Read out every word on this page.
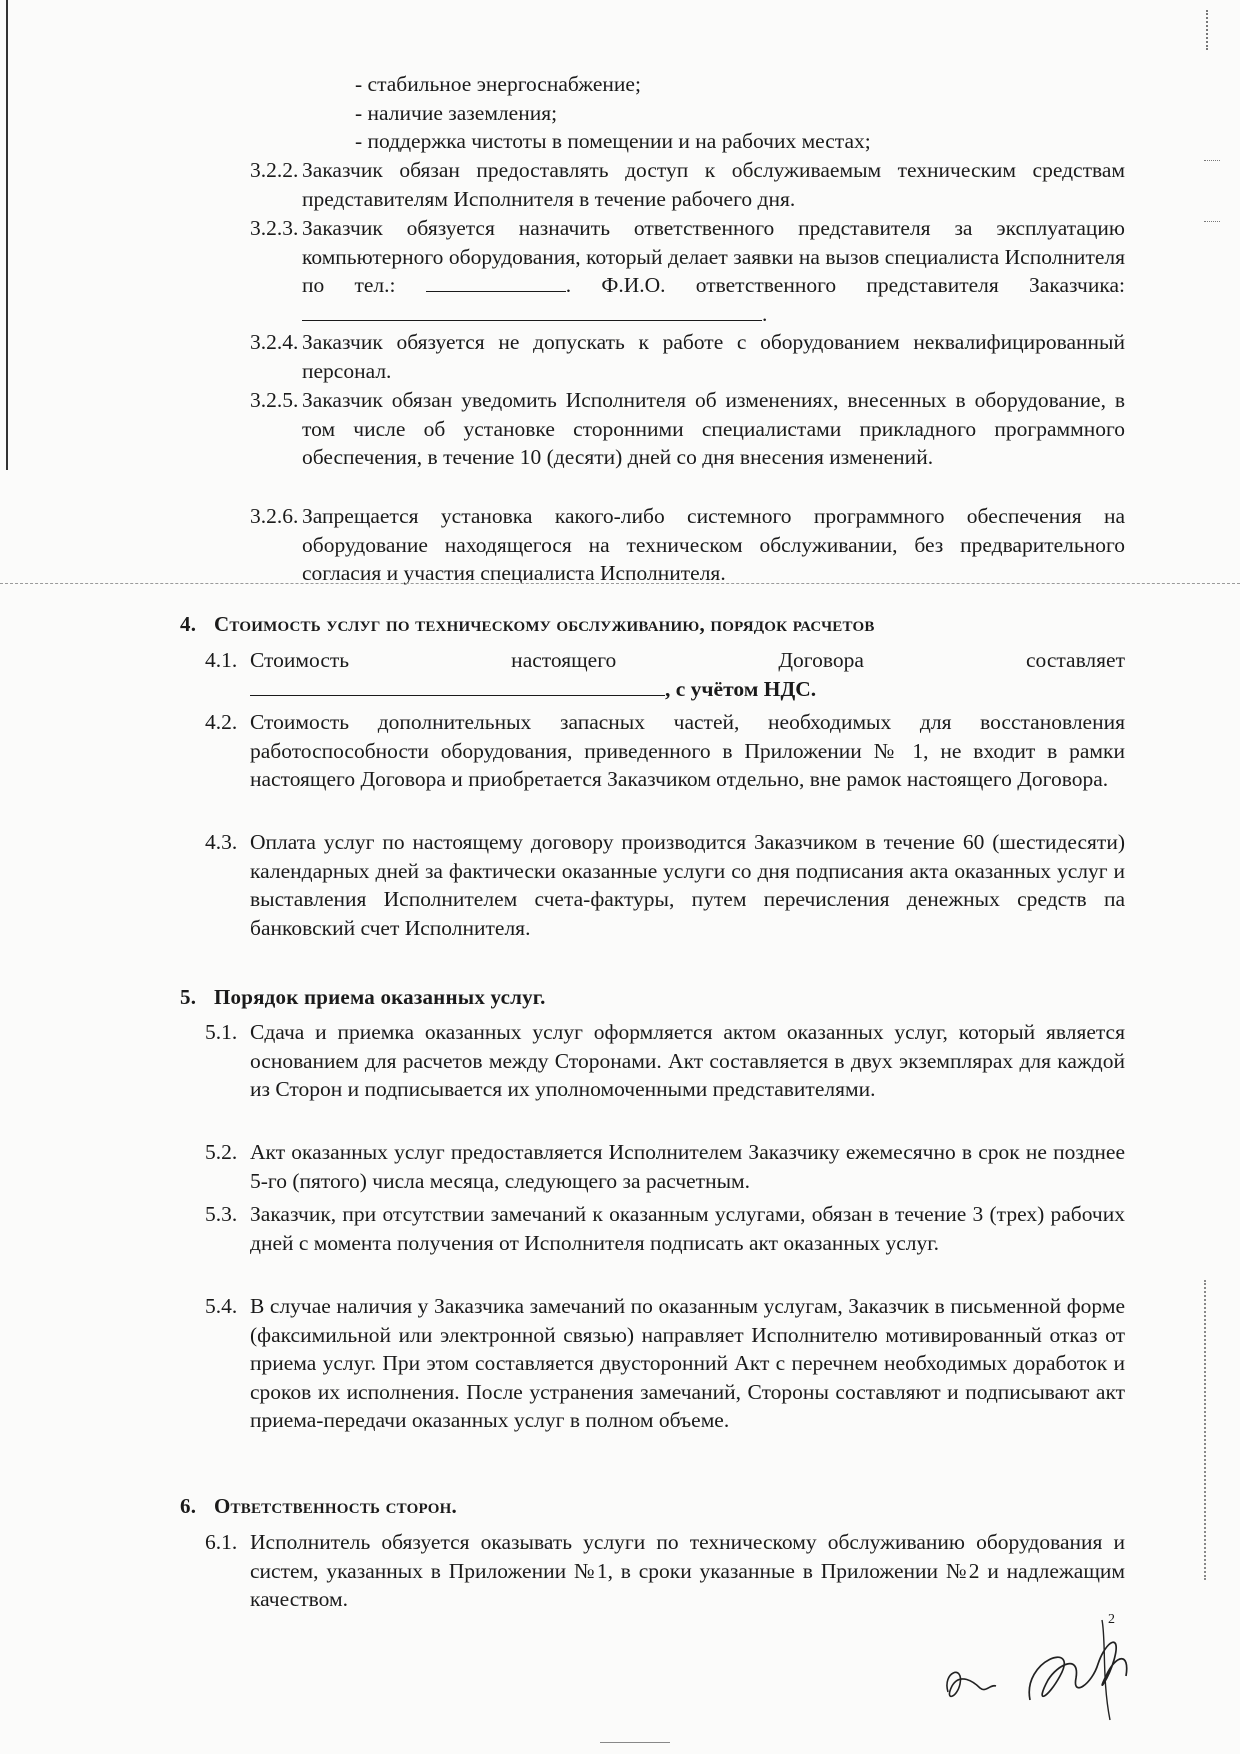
- стабильное энергоснабжение;
- наличие заземления;
- поддержка чистоты в помещении и на рабочих местах;
3.2.2. Заказчик обязан предоставлять доступ к обслуживаемым техническим средствам представителям Исполнителя в течение рабочего дня.
3.2.3. Заказчик обязуется назначить ответственного представителя за эксплуатацию компьютерного оборудования, который делает заявки на вызов специалиста Исполнителя по тел.:	. Ф.И.О. ответственного представителя Заказчика:.
3.2.4. Заказчик обязуется не допускать к работе с оборудованием неквалифицированный персонал.
3.2.5. Заказчик обязан уведомить Исполнителя об изменениях, внесенных в оборудование, в том числе об установке сторонними специалистами прикладного программного обеспечения, в течение 10 (десяти) дней со дня внесения изменений.
3.2.6. Запрещается установка какого-либо системного программного обеспечения на оборудование находящегося на техническом обслуживании, без предварительного согласия и участия специалиста Исполнителя.
4. Стоимость услуг по техническому обслуживанию, порядок расчетов
4.1. Стоимость настоящего Договора составляет
, с учётом НДС.
4.2. Стоимость дополнительных запасных частей, необходимых для восстановления работоспособности оборудования, приведенного в Приложении № 1, не входит в рамки настоящего Договора и приобретается Заказчиком отдельно, вне рамок настоящего Договора.
4.3. Оплата услуг по настоящему договору производится Заказчиком в течение 60 (шестидесяти) календарных дней за фактически оказанные услуги со дня подписания акта оказанных услуг и выставления Исполнителем счета-фактуры, путем перечисления денежных средств па банковский счет Исполнителя.
5. Порядок приема оказанных услуг.
5.1. Сдача и приемка оказанных услуг оформляется актом оказанных услуг, который является основанием для расчетов между Сторонами. Акт составляется в двух экземплярах для каждой из Сторон и подписывается их уполномоченными представителями.
5.2. Акт оказанных услуг предоставляется Исполнителем Заказчику ежемесячно в срок не позднее 5-го (пятого) числа месяца, следующего за расчетным.
5.3. Заказчик, при отсутствии замечаний к оказанным услугами, обязан в течение 3 (трех) рабочих дней с момента получения от Исполнителя подписать акт оказанных услуг.
5.4. В случае наличия у Заказчика замечаний по оказанным услугам, Заказчик в письменной форме (факсимильной или электронной связью) направляет Исполнителю мотивированный отказ от приема услуг. При этом составляется двусторонний Акт с перечнем необходимых доработок и сроков их исполнения. После устранения замечаний, Стороны составляют и подписывают акт приема-передачи оказанных услуг в полном объеме.
6. Ответственность сторон.
6.1. Исполнитель обязуется оказывать услуги по техническому обслуживанию оборудования и систем, указанных в Приложении №1, в сроки указанные в Приложении №2 и надлежащим качеством.
2
